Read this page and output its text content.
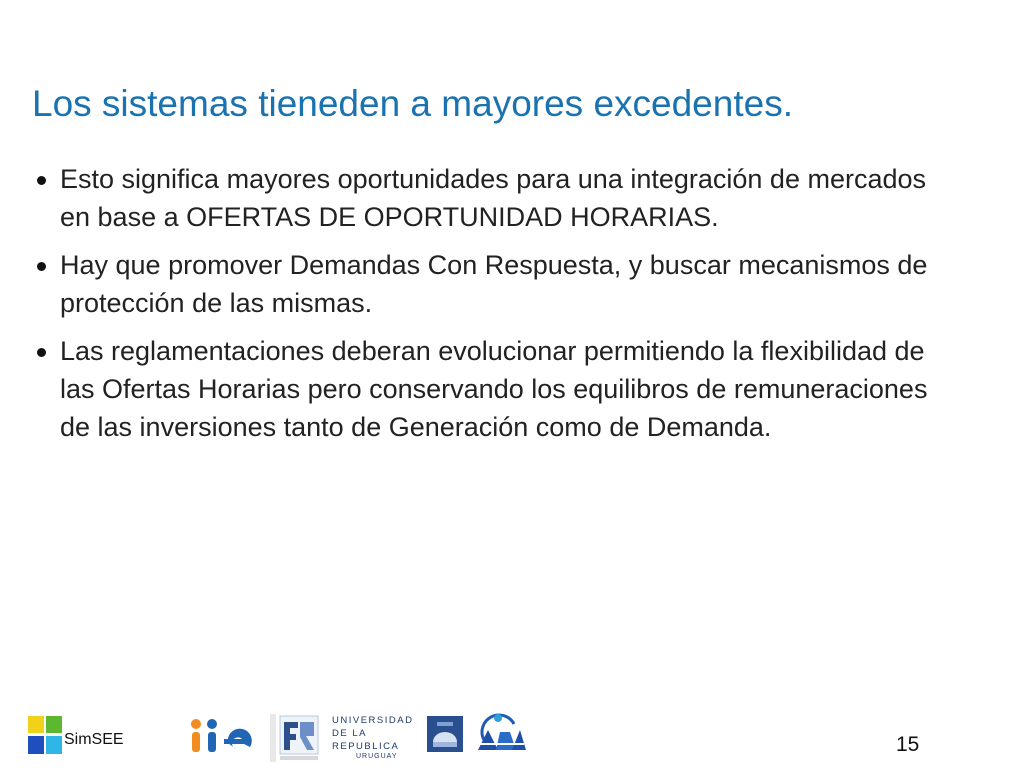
Los sistemas tieneden a mayores excedentes.
Esto significa mayores oportunidades para una integración de mercados en base a OFERTAS DE OPORTUNIDAD HORARIAS.
Hay que promover Demandas Con Respuesta, y buscar mecanismos de protección de las mismas.
Las reglamentaciones deberan evolucionar permitiendo la flexibilidad de las Ofertas Horarias pero conservando los equilibros de remuneraciones de las inversiones tanto de Generación como de Demanda.
SimSEE
UNIVERSIDAD
DE LA REPUBLICA
URUGUAY
15
